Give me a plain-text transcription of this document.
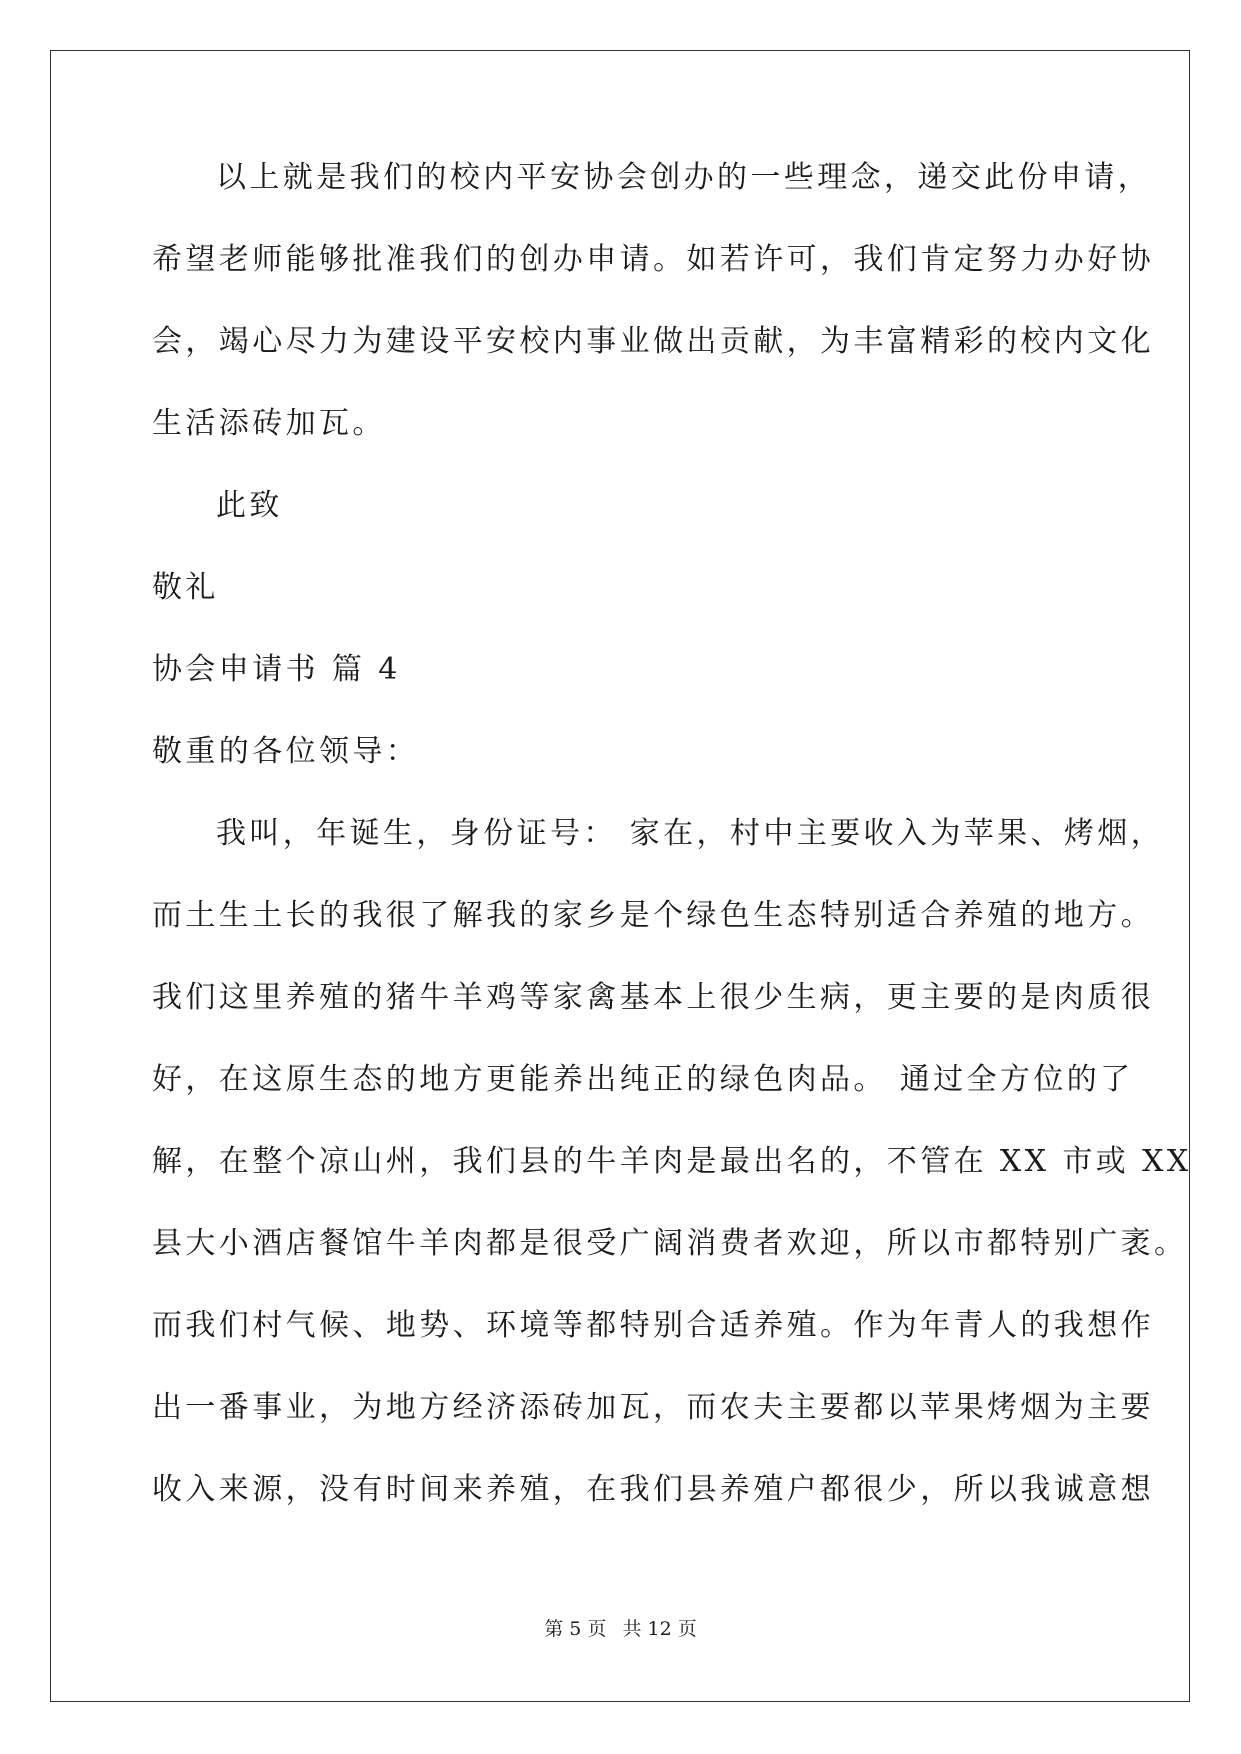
以上就是我们的校内平安协会创办的一些理念，递交此份申请，
希望老师能够批准我们的创办申请。如若许可，我们肯定努力办好协
会，竭心尽力为建设平安校内事业做出贡献，为丰富精彩的校内文化
生活添砖加瓦。
此致
敬礼
协会申请书 篇 4
敬重的各位领导：
我叫，年诞生，身份证号： 家在，村中主要收入为苹果、烤烟，
而土生土长的我很了解我的家乡是个绿色生态特别适合养殖的地方。
我们这里养殖的猪牛羊鸡等家禽基本上很少生病，更主要的是肉质很
好，在这原生态的地方更能养出纯正的绿色肉品。 通过全方位的了
解，在整个凉山州，我们县的牛羊肉是最出名的，不管在 XX 市或 XX
县大小酒店餐馆牛羊肉都是很受广阔消费者欢迎，所以市都特别广袤。
而我们村气候、地势、环境等都特别合适养殖。作为年青人的我想作
出一番事业，为地方经济添砖加瓦，而农夫主要都以苹果烤烟为主要
收入来源，没有时间来养殖，在我们县养殖户都很少，所以我诚意想
第 5 页 共 12 页
